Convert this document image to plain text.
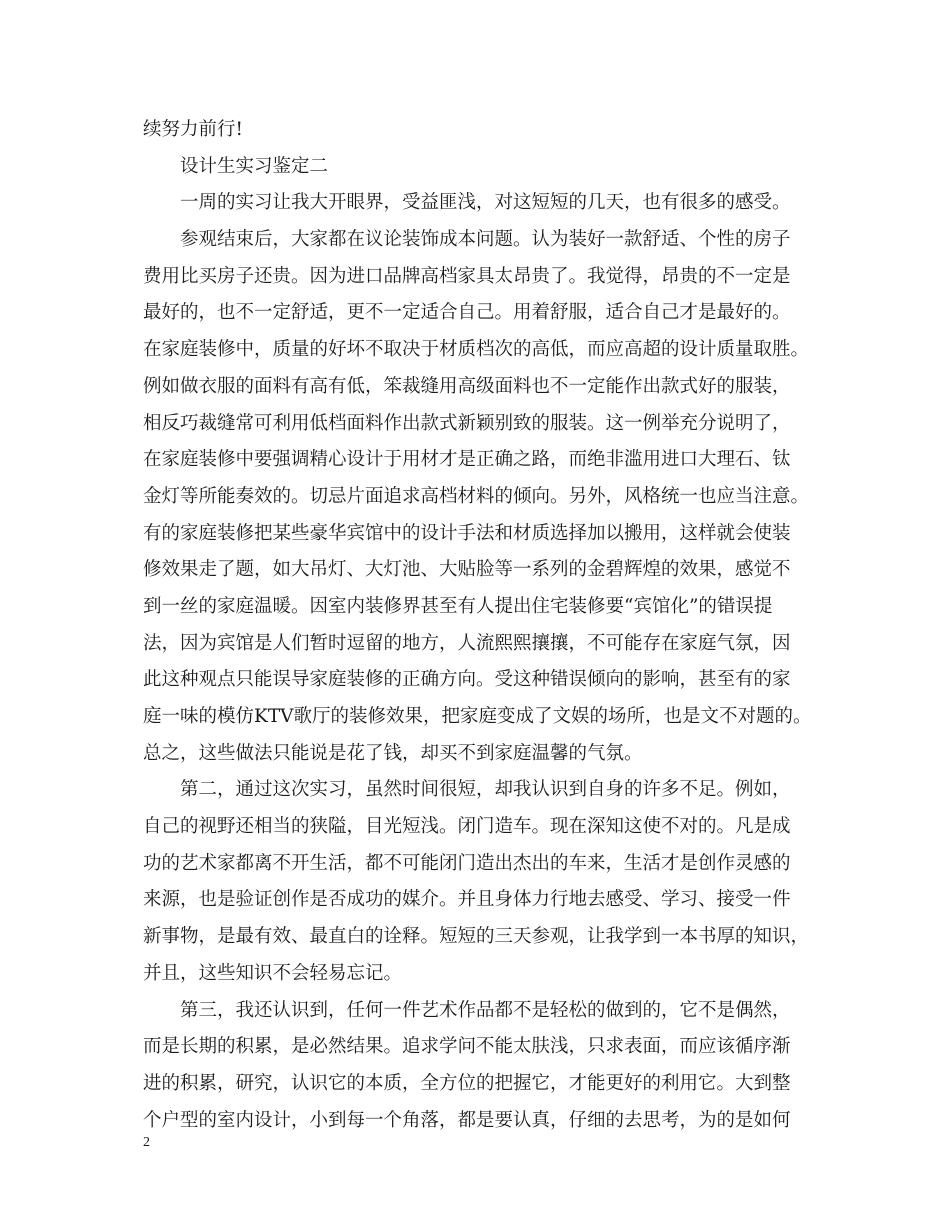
续努力前行!
设计生实习鉴定二
一周的实习让我大开眼界，受益匪浅，对这短短的几天，也有很多的感受。
参观结束后，大家都在议论装饰成本问题。认为装好一款舒适、个性的房子
费用比买房子还贵。因为进口品牌高档家具太昂贵了。我觉得，昂贵的不一定是
最好的，也不一定舒适，更不一定适合自己。用着舒服，适合自己才是最好的。
在家庭装修中，质量的好坏不取决于材质档次的高低，而应高超的设计质量取胜。
例如做衣服的面料有高有低，笨裁缝用高级面料也不一定能作出款式好的服装，
相反巧裁缝常可利用低档面料作出款式新颖别致的服装。这一例举充分说明了，
在家庭装修中要强调精心设计于用材才是正确之路，而绝非滥用进口大理石、钛
金灯等所能奏效的。切忌片面追求高档材料的倾向。另外，风格统一也应当注意。
有的家庭装修把某些豪华宾馆中的设计手法和材质选择加以搬用，这样就会使装
修效果走了题，如大吊灯、大灯池、大贴脸等一系列的金碧辉煌的效果，感觉不
到一丝的家庭温暖。因室内装修界甚至有人提出住宅装修要“宾馆化”的错误提
法，因为宾馆是人们暂时逗留的地方，人流熙熙攘攘，不可能存在家庭气氛，因
此这种观点只能误导家庭装修的正确方向。受这种错误倾向的影响，甚至有的家
庭一味的模仿KTV歌厅的装修效果，把家庭变成了文娱的场所，也是文不对题的。
总之，这些做法只能说是花了钱，却买不到家庭温馨的气氛。
第二，通过这次实习，虽然时间很短，却我认识到自身的许多不足。例如，
自己的视野还相当的狭隘，目光短浅。闭门造车。现在深知这使不对的。凡是成
功的艺术家都离不开生活，都不可能闭门造出杰出的车来，生活才是创作灵感的
来源，也是验证创作是否成功的媒介。并且身体力行地去感受、学习、接受一件
新事物，是最有效、最直白的诠释。短短的三天参观，让我学到一本书厚的知识，
并且，这些知识不会轻易忘记。
第三，我还认识到，任何一件艺术作品都不是轻松的做到的，它不是偶然，
而是长期的积累，是必然结果。追求学问不能太肤浅，只求表面，而应该循序渐
进的积累，研究，认识它的本质，全方位的把握它，才能更好的利用它。大到整
个户型的室内设计，小到每一个角落，都是要认真，仔细的去思考，为的是如何
2
